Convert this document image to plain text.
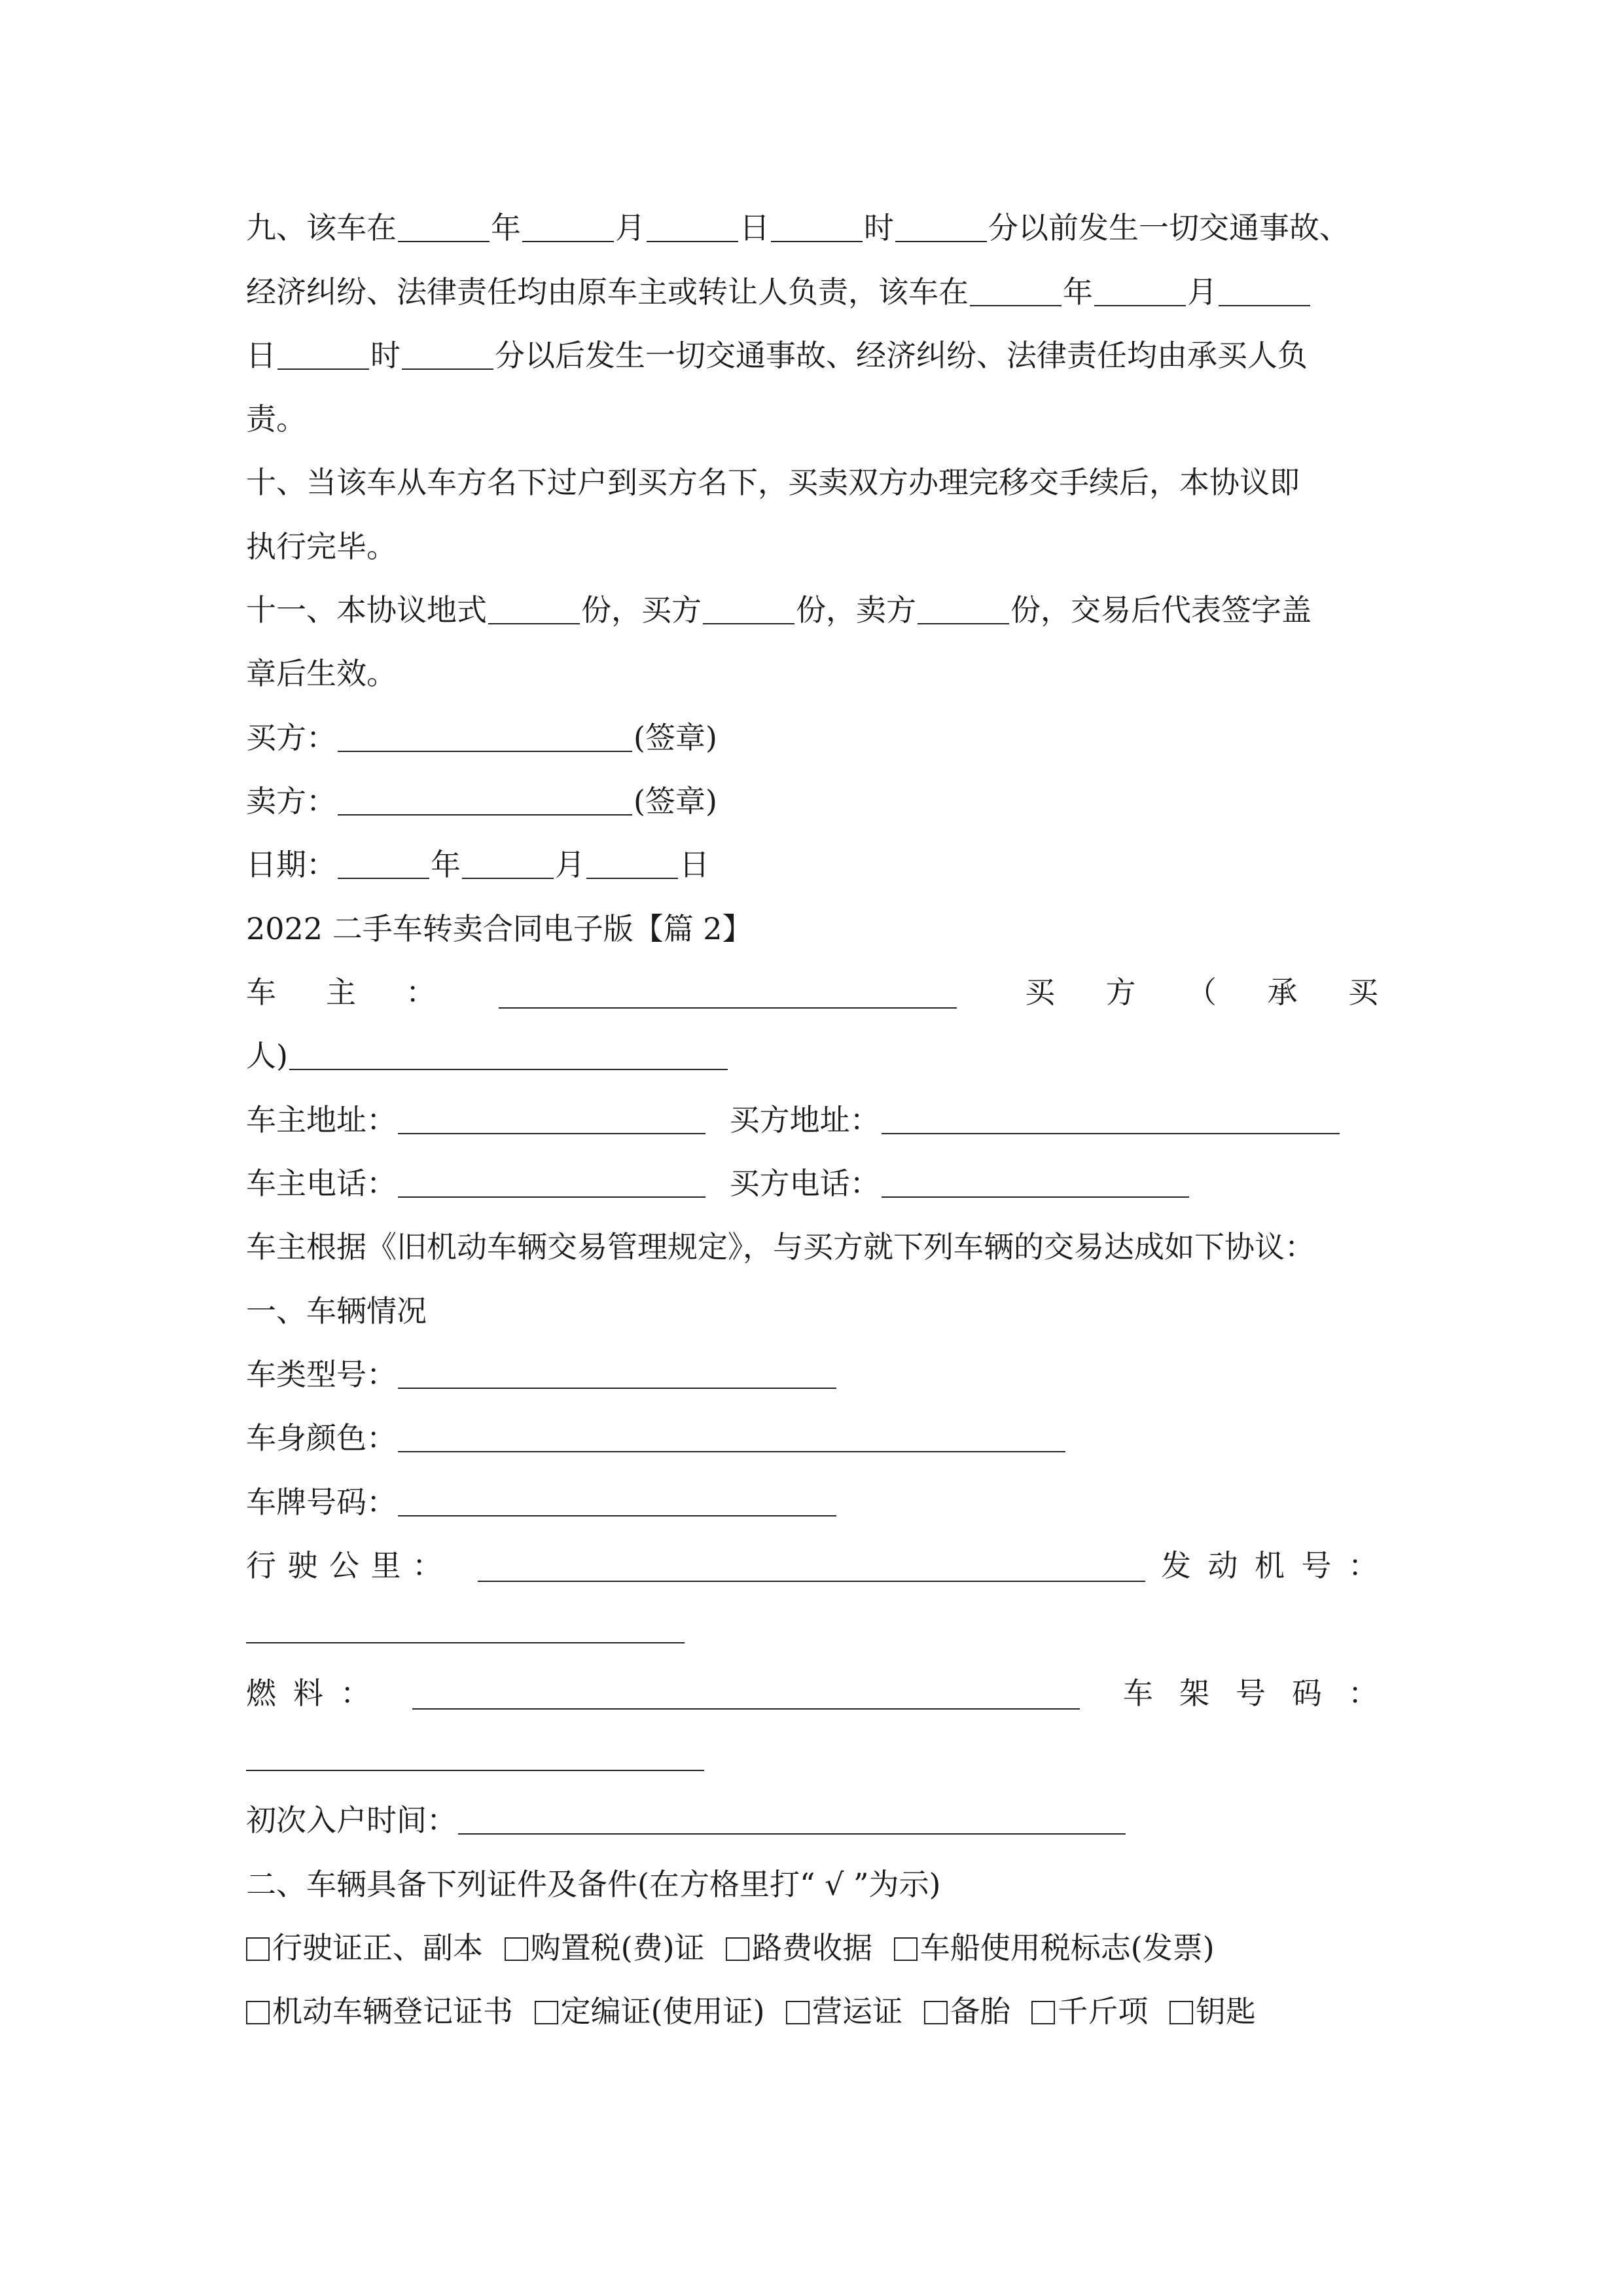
九、该车在	年	月	日	时	分以前发生一切交通事故、
经济纠纷、法律责任均由原车主或转让人负责，该车在	年	月
日	时	分以后发生一切交通事故、经济纠纷、法律责任均由承买人负
责。
十、当该车从车方名下过户到买方名下，买卖双方办理完移交手续后，本协议即
执行完毕。
十一、本协议地式	份，买方	份，卖方	份，交易后代表签字盖
章后生效。
买方：	(签章)
卖方：	(签章)
日期：	年	月	日
2022 二手车转卖合同电子版【篇 2】
车 主 ：	买 方 （ 承 买
人)
车主地址：	买方地址：
车主电话：	买方电话：
车主根据《旧机动车辆交易管理规定》，与买方就下列车辆的交易达成如下协议：
一、车辆情况
车类型号：
车身颜色：
车牌号码：
行 驶 公 里 ：	发 动 机 号 ：
燃 料 ：	车 架 号 码 ：
初次入户时间：
二、车辆具备下列证件及备件(在方格里打“ √ ”为示)
行驶证正、副本 购置税(费)证 路费收据 车船使用税标志(发票)
机动车辆登记证书 定编证(使用证) 营运证 备胎 千斤项 钥匙
